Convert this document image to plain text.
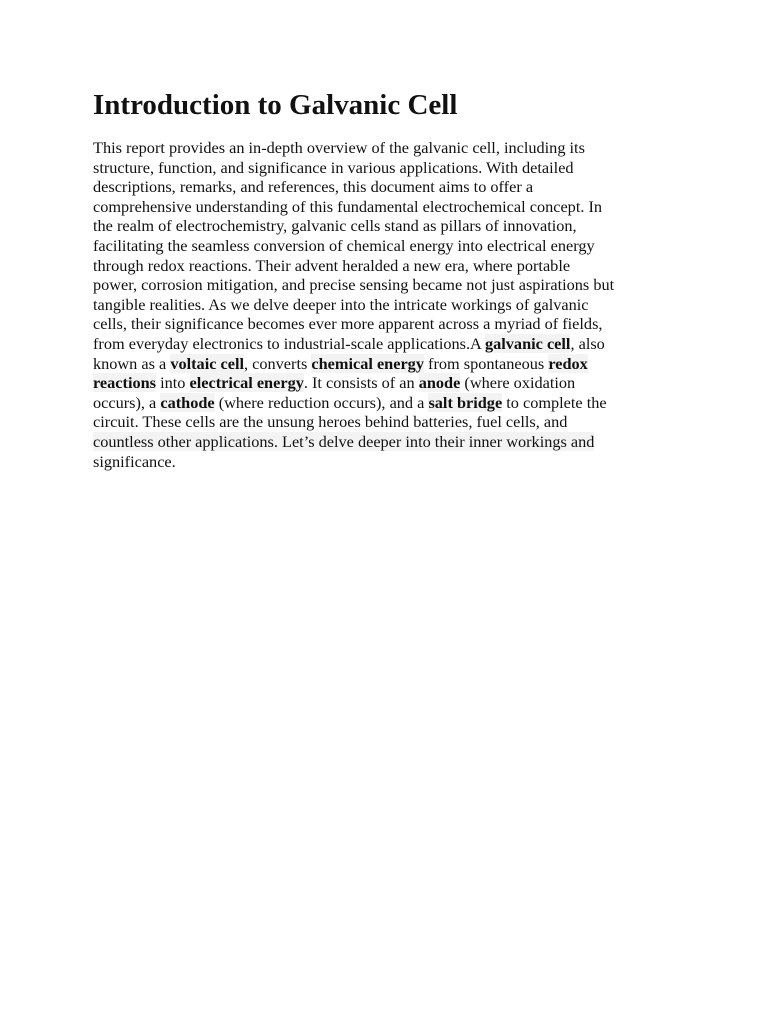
Introduction to Galvanic Cell
This report provides an in-depth overview of the galvanic cell, including its
structure, function, and significance in various applications. With detailed
descriptions, remarks, and references, this document aims to offer a
comprehensive understanding of this fundamental electrochemical concept. In
the realm of electrochemistry, galvanic cells stand as pillars of innovation,
facilitating the seamless conversion of chemical energy into electrical energy
through redox reactions. Their advent heralded a new era, where portable
power, corrosion mitigation, and precise sensing became not just aspirations but
tangible realities. As we delve deeper into the intricate workings of galvanic
cells, their significance becomes ever more apparent across a myriad of fields,
from everyday electronics to industrial-scale applications.A galvanic cell, also
known as a voltaic cell, converts chemical energy from spontaneous redox
reactions into electrical energy. It consists of an anode (where oxidation
occurs), a cathode (where reduction occurs), and a salt bridge to complete the
circuit. These cells are the unsung heroes behind batteries, fuel cells, and
countless other applications. Let’s delve deeper into their inner workings and
significance.
